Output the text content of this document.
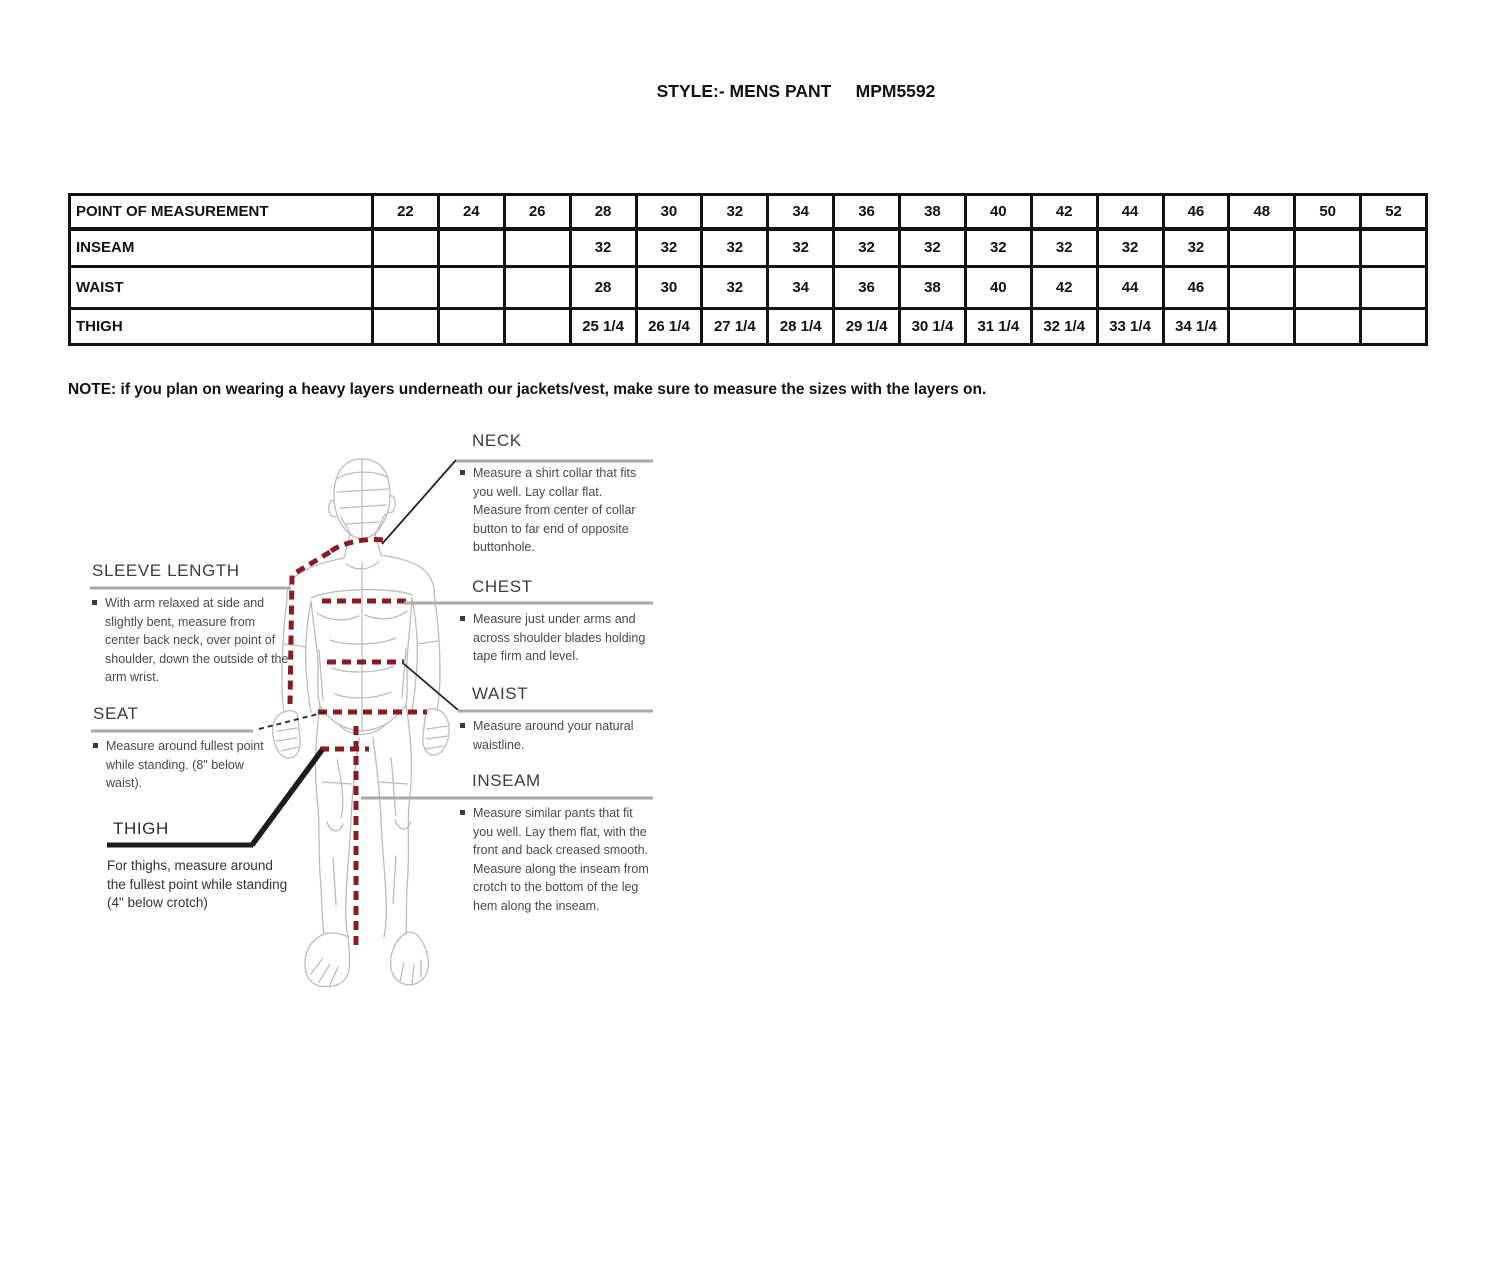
STYLE:- MENS PANT     MPM5592
POINT OF MEASUREMENT	22	24	26	28	30	32	34	36	38	40	42	44	46	48	50	52
INSEAM				32	32	32	32	32	32	32	32	32	32			
WAIST				28	30	32	34	36	38	40	42	44	46			
THIGH				25 1/4	26 1/4	27 1/4	28 1/4	29 1/4	30 1/4	31 1/4	32 1/4	33 1/4	34 1/4			
NOTE: if you plan on wearing a heavy layers underneath our jackets/vest, make sure to measure the sizes with the layers on.
NECK
Measure a shirt collar that fits you well. Lay collar flat. Measure from center of collar button to far end of opposite buttonhole.
CHEST
Measure just under arms and across shoulder blades holding tape firm and level.
WAIST
Measure around your natural waistline.
INSEAM
Measure similar pants that fit you well. Lay them flat, with the front and back creased smooth. Measure along the inseam from crotch to the bottom of the leg hem along the inseam.
SLEEVE LENGTH
With arm relaxed at side and slightly bent, measure from center back neck, over point of shoulder, down the outside of the arm wrist.
SEAT
Measure around fullest point while standing. (8" below waist).
THIGH
For thighs, measure around the fullest point while standing (4" below crotch)
